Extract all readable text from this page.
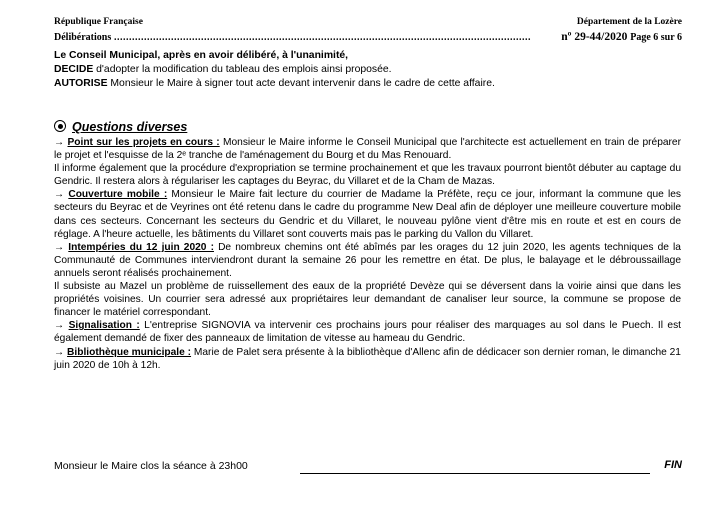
République Française	Département de la Lozère
Délibérations ...........................................................................................................................................	nº 29-44/2020 Page 6 sur 6

Le Conseil Municipal, après en avoir délibéré, à l'unanimité,

DECIDE d'adopter la modification du tableau des emplois ainsi proposée.

AUTORISE Monsieur le Maire à signer tout acte devant intervenir dans le cadre de cette affaire.

Questions diverses

→ Point sur les projets en cours : Monsieur le Maire informe le Conseil Municipal que l'architecte est actuellement en train de préparer le projet et l'esquisse de la 2ᵉ tranche de l'aménagement du Bourg et du Mas Renouard.

Il informe également que la procédure d'expropriation se termine prochainement et que les travaux pourront bientôt débuter au captage du Gendric. Il restera alors à régulariser les captages du Beyrac, du Villaret et de la Cham de Mazas.

→ Couverture mobile : Monsieur le Maire fait lecture du courrier de Madame la Préfète, reçu ce jour, informant la commune que les secteurs du Beyrac et de Veyrines ont été retenu dans le cadre du programme New Deal afin de déployer une meilleure couverture mobile dans ces secteurs. Concernant les secteurs du Gendric et du Villaret, le nouveau pylône vient d'être mis en route et est en cours de réglage. A l'heure actuelle, les bâtiments du Villaret sont couverts mais pas le parking du Vallon du Villaret.

→ Intempéries du 12 juin 2020 : De nombreux chemins ont été abîmés par les orages du 12 juin 2020, les agents techniques de la Communauté de Communes interviendront durant la semaine 26 pour les remettre en état. De plus, le balayage et le débroussaillage annuels seront réalisés prochainement.

Il subsiste au Mazel un problème de ruissellement des eaux de la propriété Devèze qui se déversent dans la voirie ainsi que dans les propriétés voisines. Un courrier sera adressé aux propriétaires leur demandant de canaliser leur source, la commune se propose de financer le matériel correspondant.

→ Signalisation : L'entreprise SIGNOVIA va intervenir ces prochains jours pour réaliser des marquages au sol dans le Puech. Il est également demandé de fixer des panneaux de limitation de vitesse au hameau du Gendric.

→ Bibliothèque municipale : Marie de Palet sera présente à la bibliothèque d'Allenc afin de dédicacer son dernier roman, le dimanche 21 juin 2020 de 10h à 12h.

Monsieur le Maire clos la séance à 23h00	FIN
